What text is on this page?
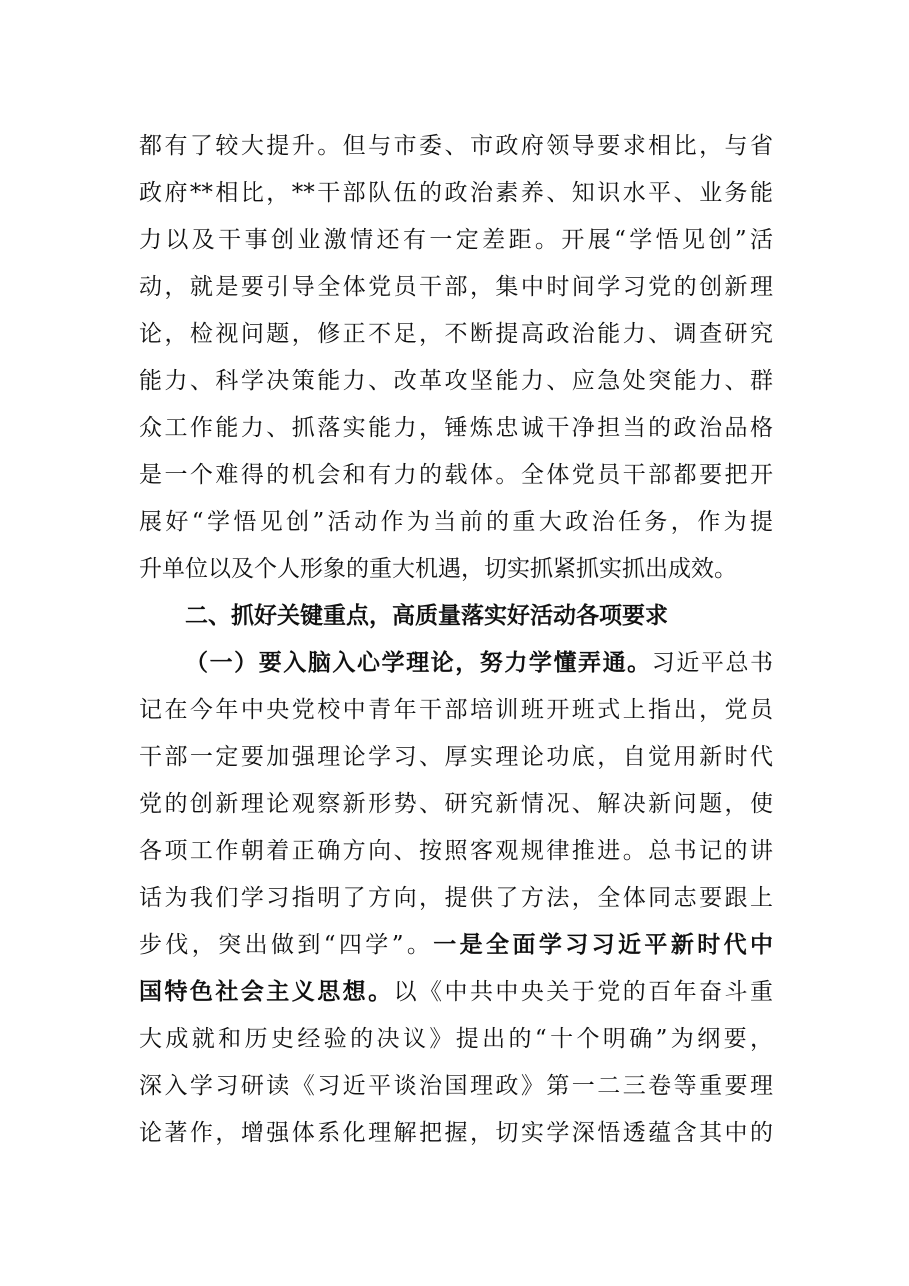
都有了较大提升。但与市委、市政府领导要求相比，与省
政府**相比，**干部队伍的政治素养、知识水平、业务能
力以及干事创业激情还有一定差距。开展“学悟见创”活
动，就是要引导全体党员干部，集中时间学习党的创新理
论，检视问题，修正不足，不断提高政治能力、调查研究
能力、科学决策能力、改革攻坚能力、应急处突能力、群
众工作能力、抓落实能力，锤炼忠诚干净担当的政治品格
是一个难得的机会和有力的载体。全体党员干部都要把开
展好“学悟见创”活动作为当前的重大政治任务，作为提
升单位以及个人形象的重大机遇，切实抓紧抓实抓出成效。
二、抓好关键重点，高质量落实好活动各项要求
（一）要入脑入心学理论，努力学懂弄通。习近平总书
记在今年中央党校中青年干部培训班开班式上指出，党员
干部一定要加强理论学习、厚实理论功底，自觉用新时代
党的创新理论观察新形势、研究新情况、解决新问题，使
各项工作朝着正确方向、按照客观规律推进。总书记的讲
话为我们学习指明了方向，提供了方法，全体同志要跟上
步伐，突出做到“四学”。一是全面学习习近平新时代中
国特色社会主义思想。以《中共中央关于党的百年奋斗重
大成就和历史经验的决议》提出的“十个明确”为纲要，
深入学习研读《习近平谈治国理政》第一二三卷等重要理
论著作，增强体系化理解把握，切实学深悟透蕴含其中的
